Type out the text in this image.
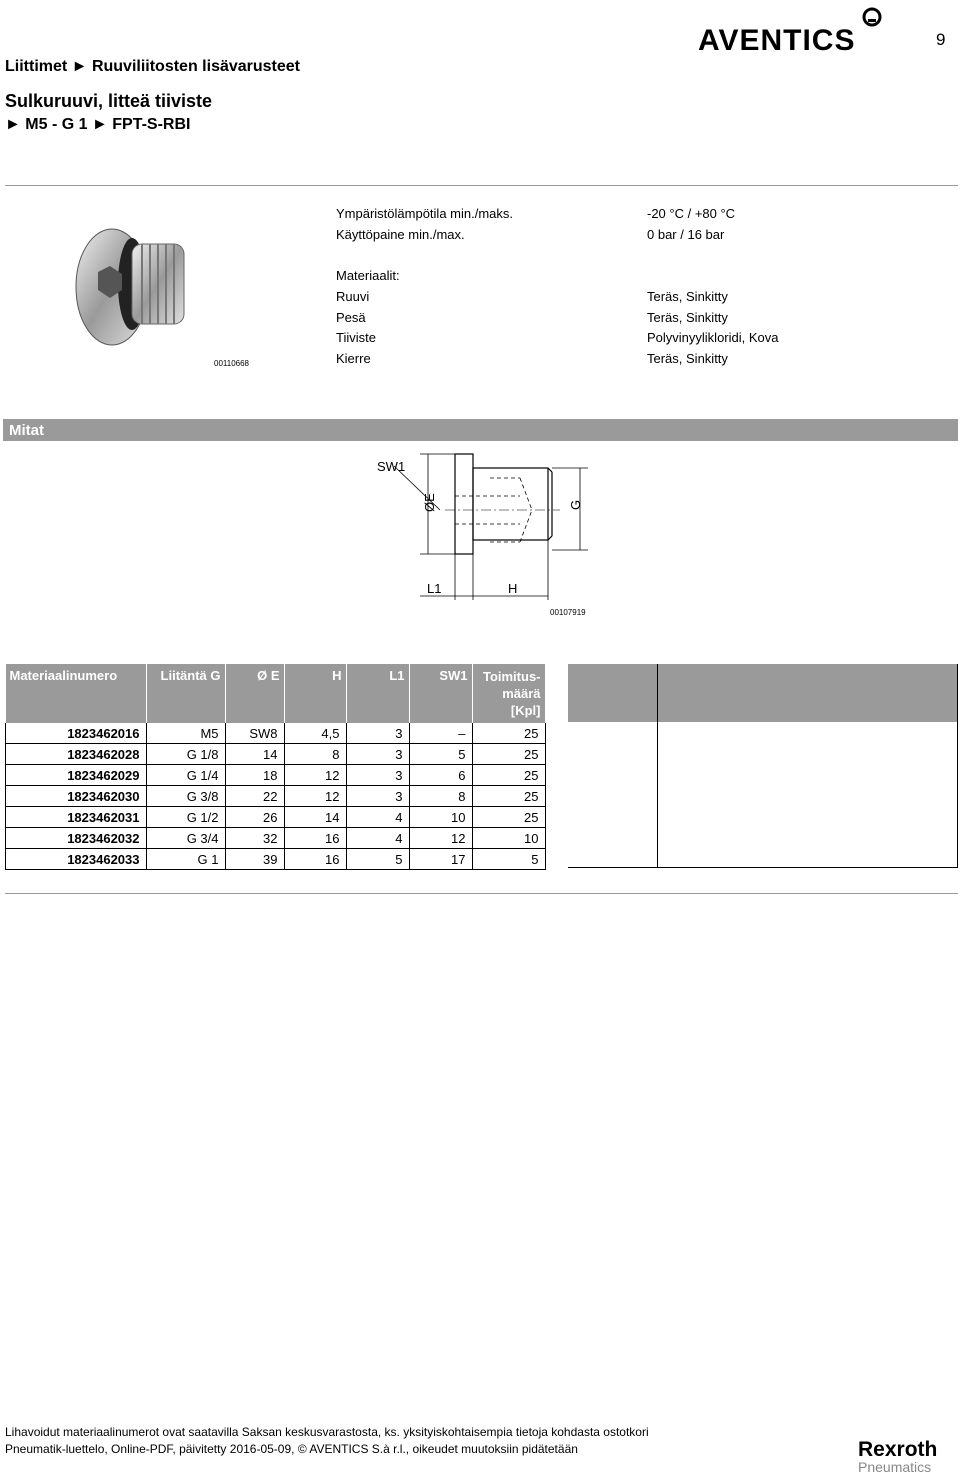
AVENTICS	9
Liittimet ► Ruuviliitosten lisävarusteet
Sulkuruuvi, litteä tiiviste
► M5 - G 1 ► FPT-S-RBI
00110668
Ympäristölämpötila min./maks.	-20 °C / +80 °C
Käyttöpaine min./max.	0 bar / 16 bar
Materiaalit:
Ruuvi	Teräs, Sinkitty
Pesä	Teräs, Sinkitty
Tiiviste	Polyvinyylikloridi, Kova
Kierre	Teräs, Sinkitty
Mitat
SW1
ØE	G
L1	H
00107919
Materiaalinumero	Liitäntä G	Ø E	H	L1	SW1	Toimitus-
määrä
[Kpl]
1823462016	M5	SW8	4,5	3	–	25
1823462028	G 1/8	14	8	3	5	25
1823462029	G 1/4	18	12	3	6	25
1823462030	G 3/8	22	12	3	8	25
1823462031	G 1/2	26	14	4	10	25
1823462032	G 3/4	32	16	4	12	10
1823462033	G 1	39	16	5	17	5
Lihavoidut materiaalinumerot ovat saatavilla Saksan keskusvarastosta, ks. yksityiskohtaisempia tietoja kohdasta ostotkori
Pneumatik-luettelo, Online-PDF, päivitetty 2016-05-09, © AVENTICS S.à r.l., oikeudet muutoksiin pidätetään	Rexroth
Pneumatics
